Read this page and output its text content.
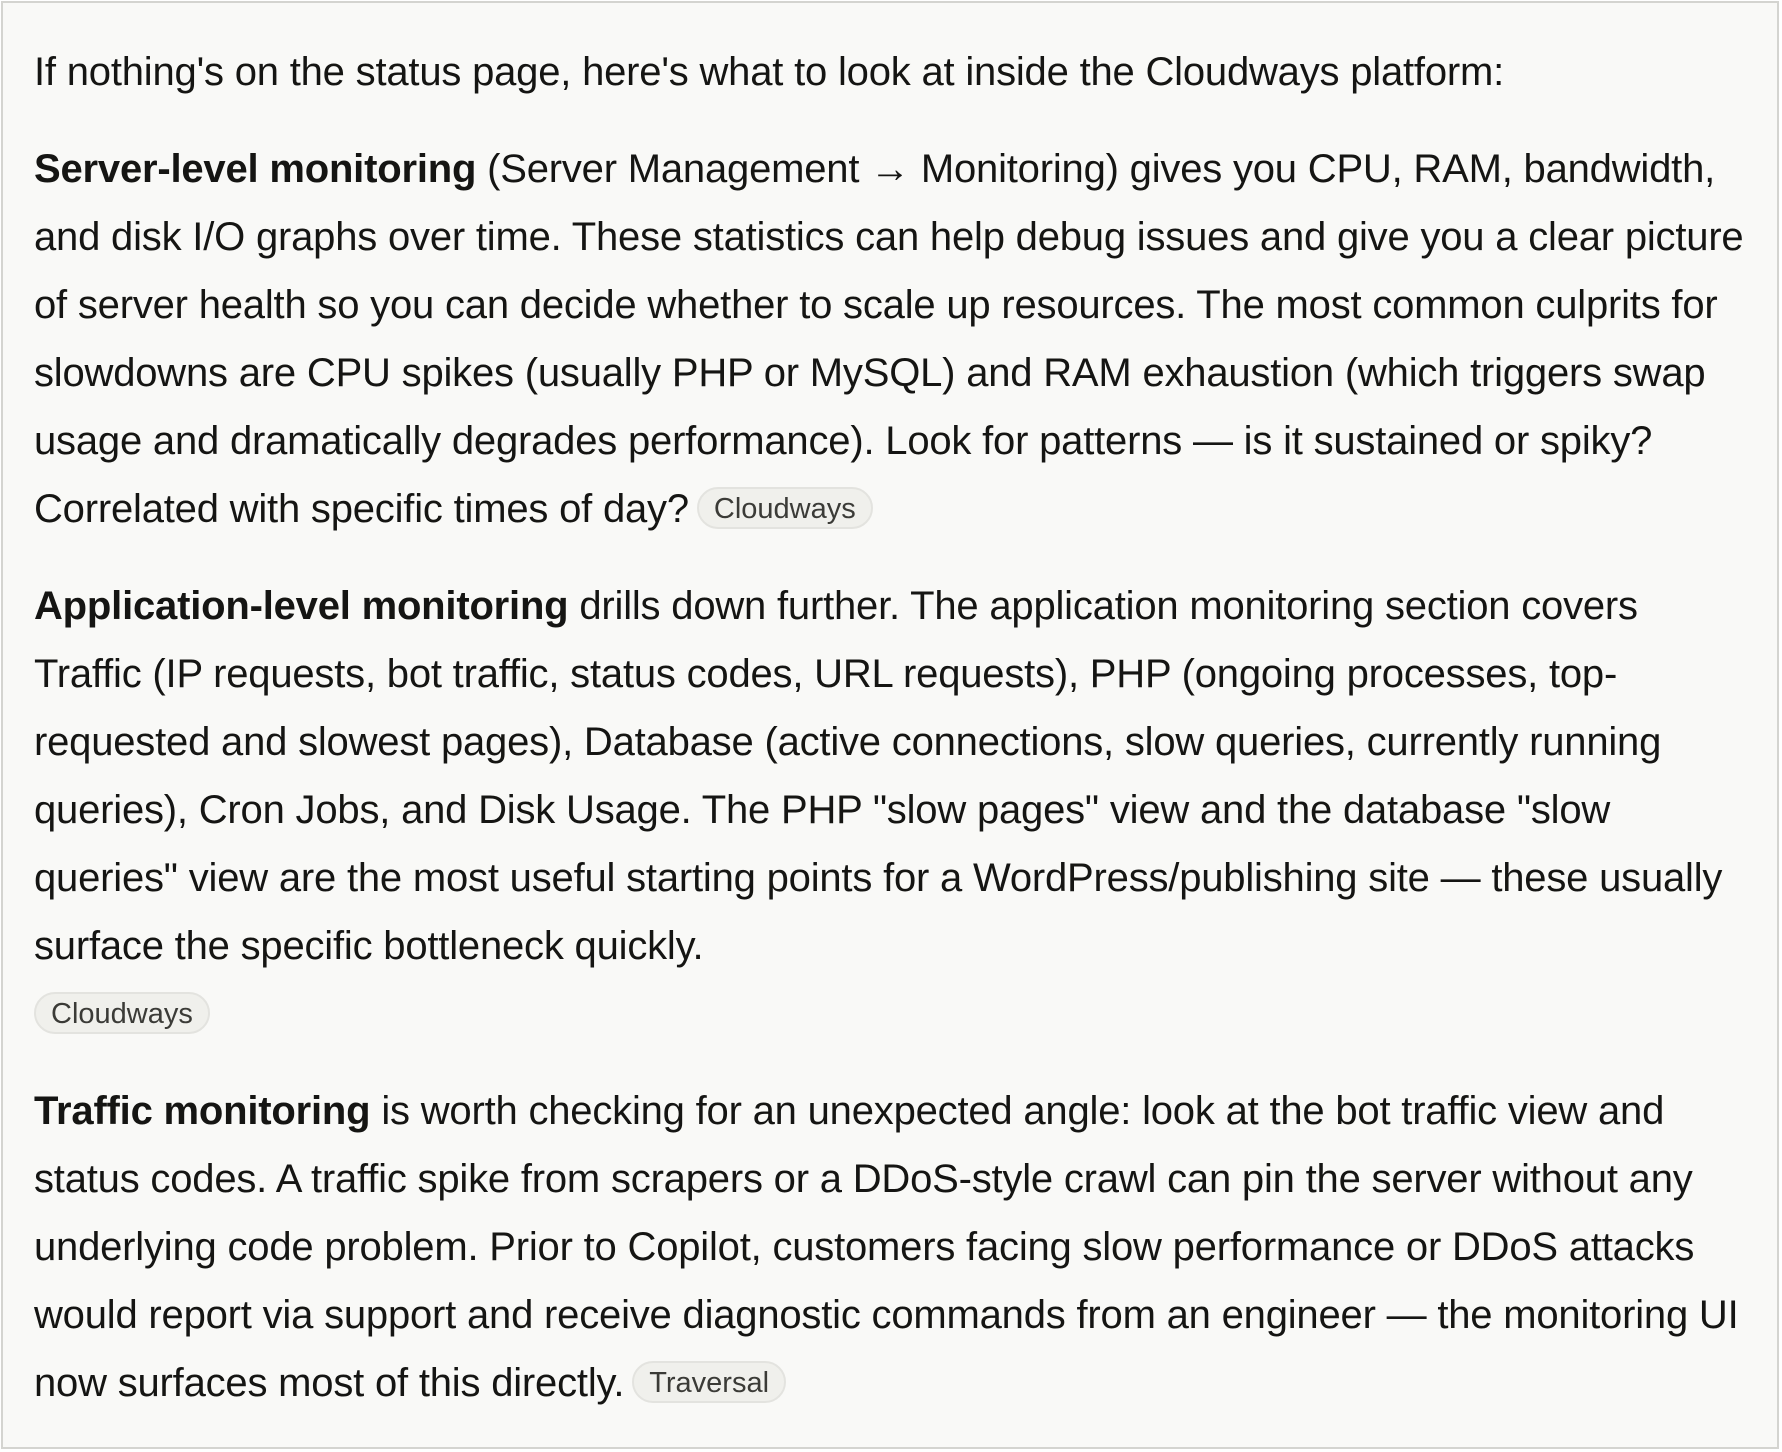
If nothing's on the status page, here's what to look at inside the Cloudways platform:

Server-level monitoring (Server Management → Monitoring) gives you CPU, RAM, bandwidth, and disk I/O graphs over time. These statistics can help debug issues and give you a clear picture of server health so you can decide whether to scale up resources. The most common culprits for slowdowns are CPU spikes (usually PHP or MySQL) and RAM exhaustion (which triggers swap usage and dramatically degrades performance). Look for patterns — is it sustained or spiky? Correlated with specific times of day? Cloudways

Application-level monitoring drills down further. The application monitoring section covers Traffic (IP requests, bot traffic, status codes, URL requests), PHP (ongoing processes, top-requested and slowest pages), Database (active connections, slow queries, currently running queries), Cron Jobs, and Disk Usage. The PHP "slow pages" view and the database "slow queries" view are the most useful starting points for a WordPress/publishing site — these usually surface the specific bottleneck quickly.
Cloudways

Traffic monitoring is worth checking for an unexpected angle: look at the bot traffic view and status codes. A traffic spike from scrapers or a DDoS-style crawl can pin the server without any underlying code problem. Prior to Copilot, customers facing slow performance or DDoS attacks would report via support and receive diagnostic commands from an engineer — the monitoring UI now surfaces most of this directly. Traversal
